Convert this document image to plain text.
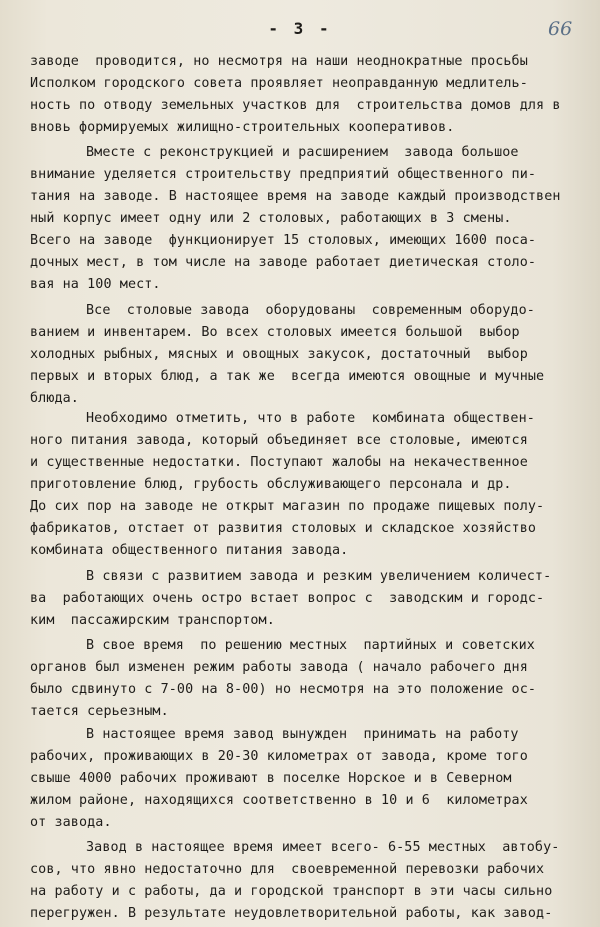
- 3 -	66
заводе  проводится, но несмотря на наши неоднократные просьбы
Исполком городского совета проявляет неоправданную медлитель-
ность по отводу земельных участков для  строительства домов для в
вновь формируемых жилищно-строительных кооперативов.
Вместе с реконструкцией и расширением  завода большое
внимание уделяется строительству предприятий общественного пи-
тания на заводе. В настоящее время на заводе каждый производствен
ный корпус имеет одну или 2 столовых, работающих в 3 смены.
Всего на заводе  функционирует 15 столовых, имеющих 1600 поса-
дочных мест, в том числе на заводе работает диетическая столо-
вая на 100 мест.
Все  столовые завода  оборудованы  современным оборудо-
ванием и инвентарем. Во всех столовых имеется большой  выбор
холодных рыбных, мясных и овощных закусок, достаточный  выбор
первых и вторых блюд, а так же  всегда имеются овощные и мучные
блюда.
Необходимо отметить, что в работе  комбината обществен-
ного питания завода, который объединяет все столовые, имеются
и существенные недостатки. Поступают жалобы на некачественное
приготовление блюд, грубость обслуживающего персонала и др.
До сих пор на заводе не открыт магазин по продаже пищевых полу-
фабрикатов, отстает от развития столовых и складское хозяйство
комбината общественного питания завода.
В связи с развитием завода и резким увеличением количест-
ва  работающих очень остро встает вопрос с  заводским и городс-
ким  пассажирским транспортом.
В свое время  по решению местных  партийных и советских
органов был изменен режим работы завода ( начало рабочего дня
было сдвинуто с 7-00 на 8-00) но несмотря на это положение ос-
тается серьезным.
В настоящее время завод вынужден  принимать на работу
рабочих, проживающих в 20-30 километрах от завода, кроме того
свыше 4000 рабочих проживают в поселке Норское и в Северном
жилом районе, находящихся соответственно в 10 и 6  километрах
от завода.
Завод в настоящее время имеет всего- 6-55 местных  автобу-
сов, что явно недостаточно для  своевременной перевозки рабочих
на работу и с работы, да и городской транспорт в эти часы сильно
перегружен. В результате неудовлетворительной работы, как завод-
